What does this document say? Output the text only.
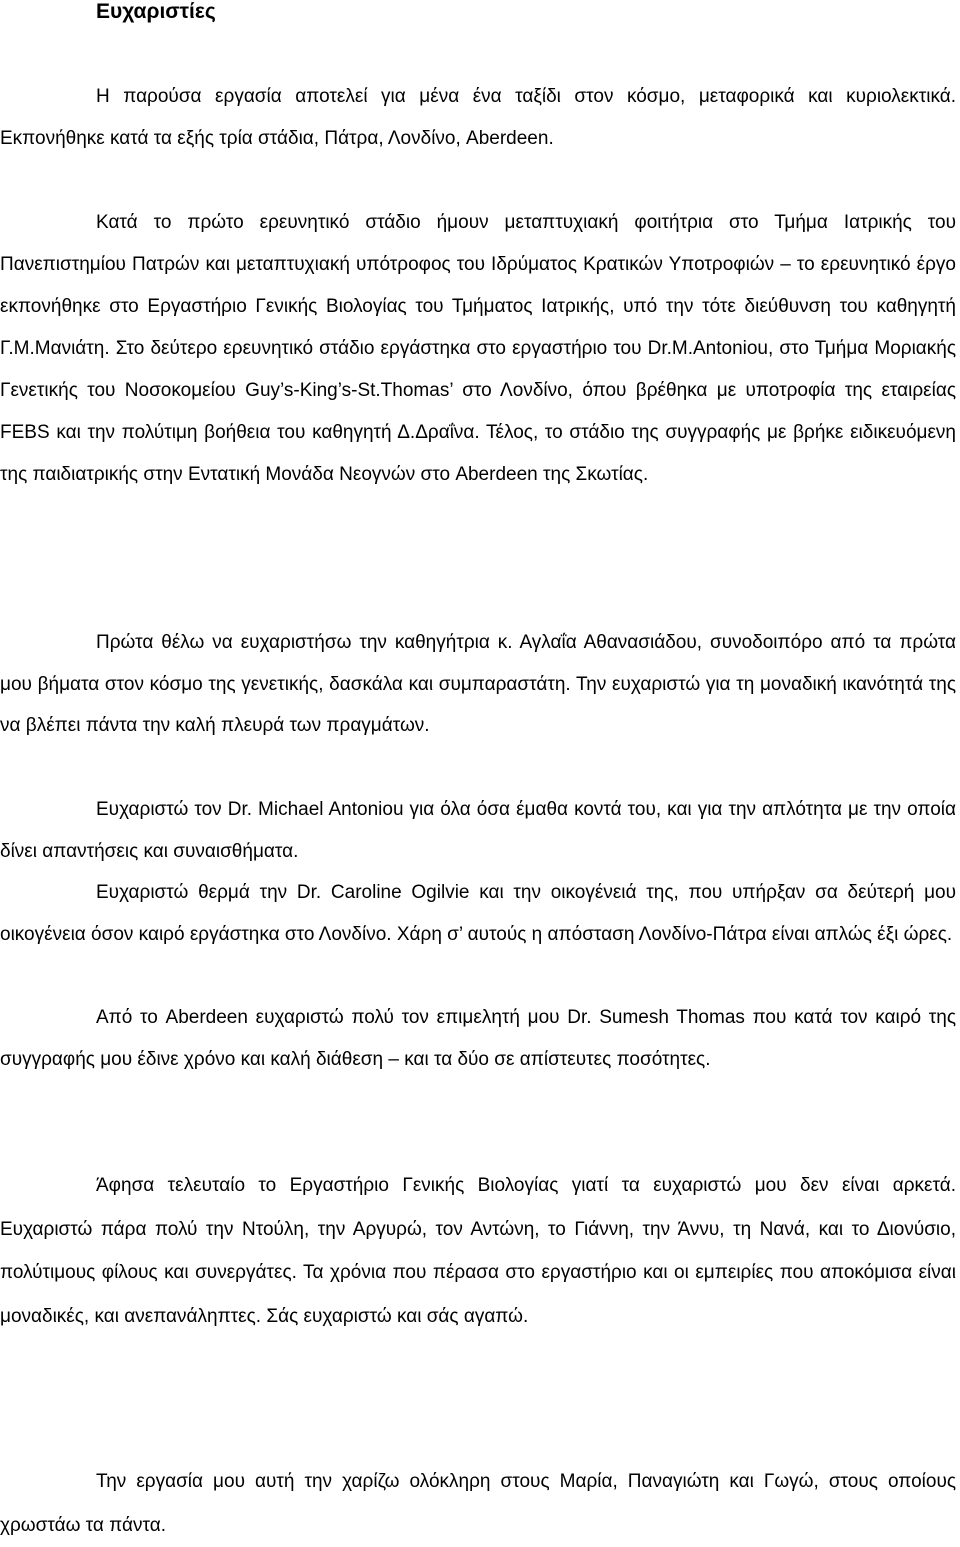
Ευχαριστίες

Η παρούσα εργασία αποτελεί για μένα ένα ταξίδι στον κόσμο, μεταφορικά και κυριολεκτικά. Εκπονήθηκε κατά τα εξής τρία στάδια, Πάτρα, Λονδίνο, Aberdeen.

Κατά το πρώτο ερευνητικό στάδιο ήμουν μεταπτυχιακή φοιτήτρια στο Τμήμα Ιατρικής του Πανεπιστημίου Πατρών και μεταπτυχιακή υπότροφος του Ιδρύματος Κρατικών Υποτροφιών – το ερευνητικό έργο εκπονήθηκε στο Εργαστήριο Γενικής Βιολογίας του Τμήματος Ιατρικής, υπό την τότε διεύθυνση του καθηγητή Γ.Μ.Μανιάτη. Στο δεύτερο ερευνητικό στάδιο εργάστηκα στο εργαστήριο του Dr.M.Antoniou, στο Τμήμα Μοριακής Γενετικής του Νοσοκομείου Guy’s-King’s-St.Thomas’ στο Λονδίνο, όπου βρέθηκα με υποτροφία της εταιρείας FEBS και την πολύτιμη βοήθεια του καθηγητή Δ.Δραΐνα. Τέλος, το στάδιο της συγγραφής με βρήκε ειδικευόμενη της παιδιατρικής στην Εντατική Μονάδα Νεογνών στο Aberdeen της Σκωτίας.

Πρώτα θέλω να ευχαριστήσω την καθηγήτρια κ. Αγλαΐα Αθανασιάδου, συνοδοιπόρο από τα πρώτα μου βήματα στον κόσμο της γενετικής, δασκάλα και συμπαραστάτη. Την ευχαριστώ για τη μοναδική ικανότητά της να βλέπει πάντα την καλή πλευρά των πραγμάτων.

Ευχαριστώ τον Dr. Michael Antoniou για όλα όσα έμαθα κοντά του, και για την απλότητα με την οποία δίνει απαντήσεις και συναισθήματα.

Ευχαριστώ θερμά την Dr. Caroline Ogilvie και την οικογένειά της, που υπήρξαν σα δεύτερή μου οικογένεια όσον καιρό εργάστηκα στο Λονδίνο. Χάρη σ’ αυτούς η απόσταση Λονδίνο-Πάτρα είναι απλώς έξι ώρες.

Από το Aberdeen ευχαριστώ πολύ τον επιμελητή μου Dr. Sumesh Thomas που κατά τον καιρό της συγγραφής μου έδινε χρόνο και καλή διάθεση – και τα δύο σε απίστευτες ποσότητες.

Άφησα τελευταίο το Εργαστήριο Γενικής Βιολογίας γιατί τα ευχαριστώ μου δεν είναι αρκετά. Ευχαριστώ πάρα πολύ την Ντούλη, την Αργυρώ, τον Αντώνη, το Γιάννη, την Άννυ, τη Νανά, και το Διονύσιο, πολύτιμους φίλους και συνεργάτες. Τα χρόνια που πέρασα στο εργαστήριο και οι εμπειρίες που αποκόμισα είναι μοναδικές, και ανεπανάληπτες. Σάς ευχαριστώ και σάς αγαπώ.

Την εργασία μου αυτή την χαρίζω ολόκληρη στους Μαρία, Παναγιώτη και Γωγώ, στους οποίους χρωστάω τα πάντα.
